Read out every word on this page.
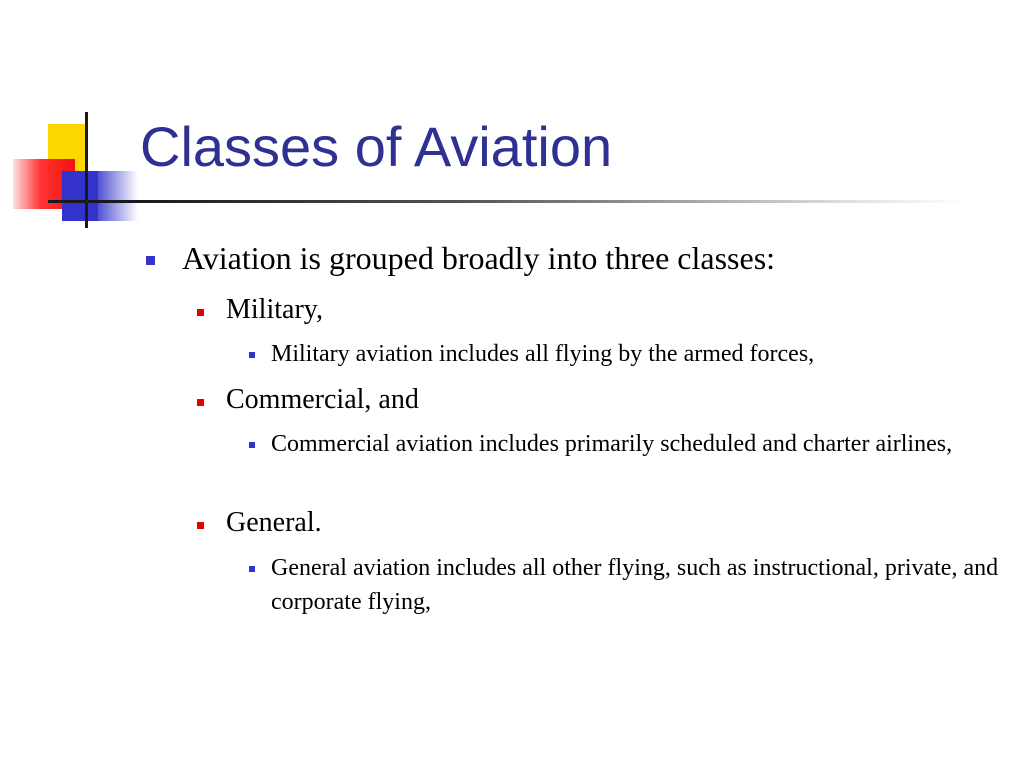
Classes of Aviation
Aviation is grouped broadly into three classes:
Military,
Military aviation includes all flying by the armed forces,
Commercial, and
Commercial aviation includes primarily scheduled and charter airlines,
General.
General aviation includes all other flying, such as instructional, private, and corporate flying,
